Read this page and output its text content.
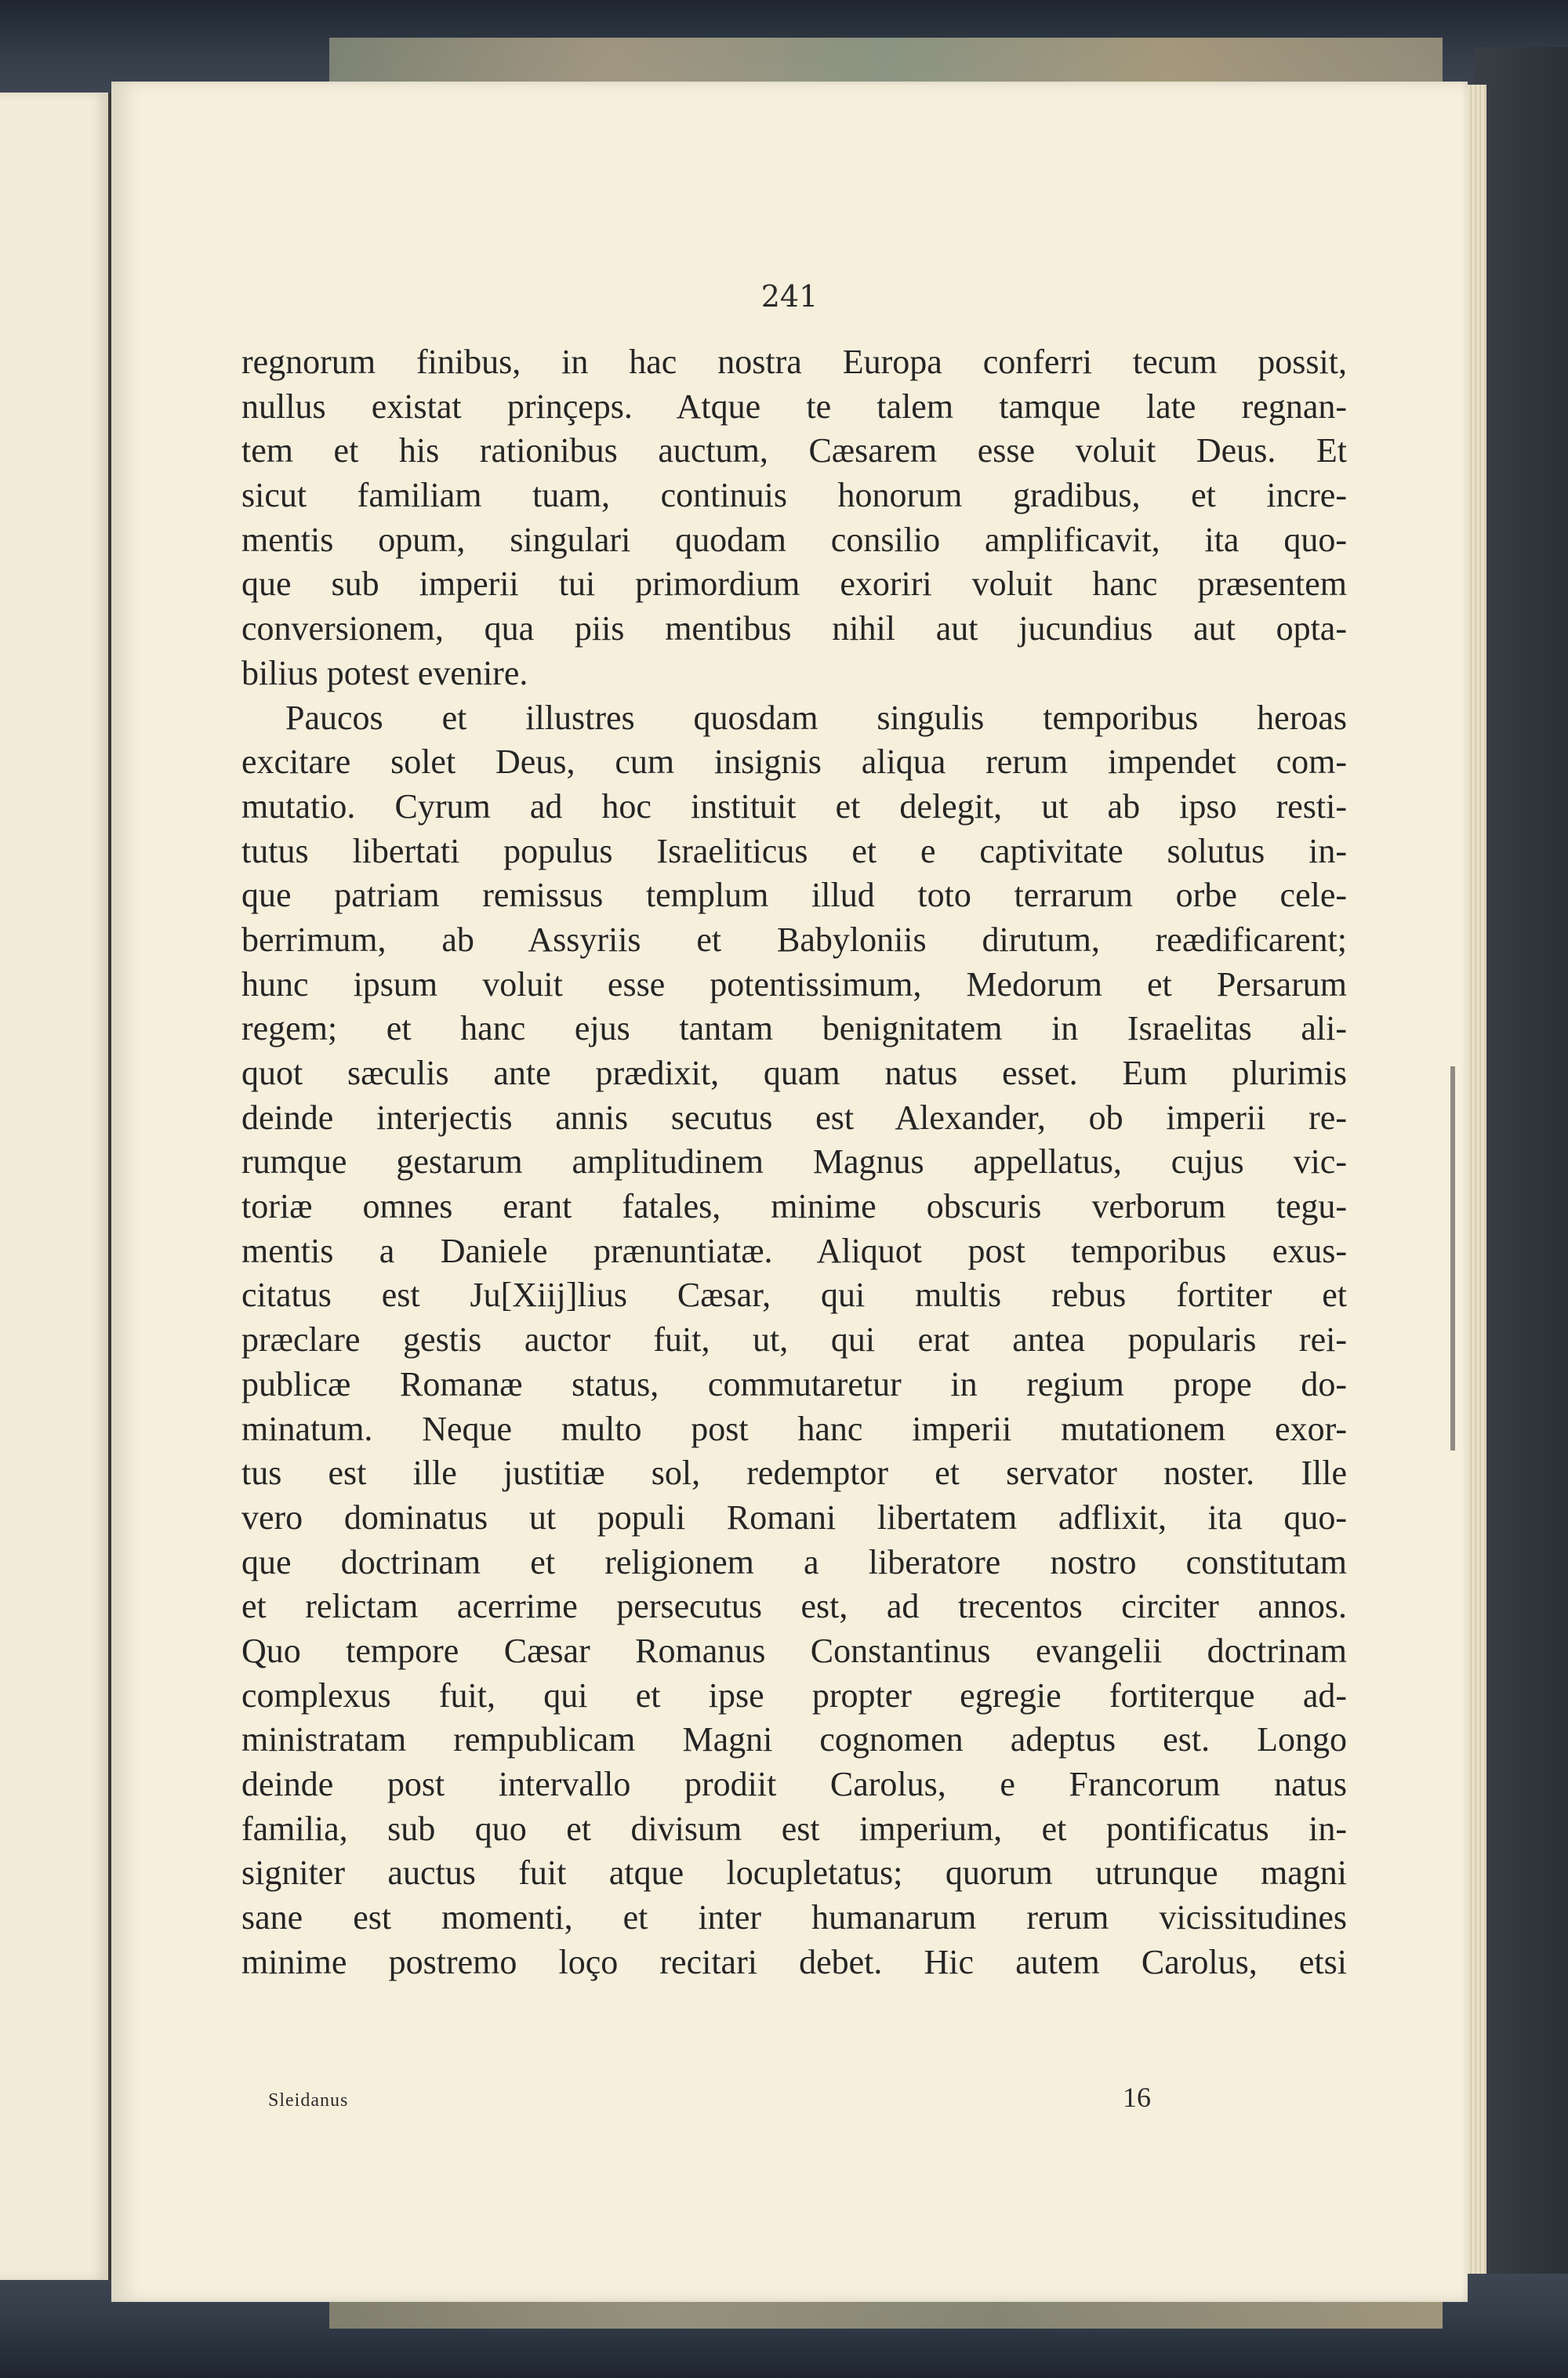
241
regnorum finibus, in hac nostra Europa conferri tecum possit,
nullus existat prinçeps. Atque te talem tamque late regnan-
tem et his rationibus auctum, Cæsarem esse voluit Deus. Et
sicut familiam tuam, continuis honorum gradibus, et incre-
mentis opum, singulari quodam consilio amplificavit, ita quo-
que sub imperii tui primordium exoriri voluit hanc præsentem
conversionem, qua piis mentibus nihil aut jucundius aut opta-
bilius potest evenire.
Paucos et illustres quosdam singulis temporibus heroas
excitare solet Deus, cum insignis aliqua rerum impendet com-
mutatio. Cyrum ad hoc instituit et delegit, ut ab ipso resti-
tutus libertati populus Israeliticus et e captivitate solutus in-
que patriam remissus templum illud toto terrarum orbe cele-
berrimum, ab Assyriis et Babyloniis dirutum, reædificarent;
hunc ipsum voluit esse potentissimum, Medorum et Persarum
regem; et hanc ejus tantam benignitatem in Israelitas ali-
quot sæculis ante prædixit, quam natus esset. Eum plurimis
deinde interjectis annis secutus est Alexander, ob imperii re-
rumque gestarum amplitudinem Magnus appellatus, cujus vic-
toriæ omnes erant fatales, minime obscuris verborum tegu-
mentis a Daniele prænuntiatæ. Aliquot post temporibus exus-
citatus est Ju[Xiij]lius Cæsar, qui multis rebus fortiter et
præclare gestis auctor fuit, ut, qui erat antea popularis rei-
publicæ Romanæ status, commutaretur in regium prope do-
minatum. Neque multo post hanc imperii mutationem exor-
tus est ille justitiæ sol, redemptor et servator noster. Ille
vero dominatus ut populi Romani libertatem adflixit, ita quo-
que doctrinam et religionem a liberatore nostro constitutam
et relictam acerrime persecutus est, ad trecentos circiter annos.
Quo tempore Cæsar Romanus Constantinus evangelii doctrinam
complexus fuit, qui et ipse propter egregie fortiterque ad-
ministratam rempublicam Magni cognomen adeptus est. Longo
deinde post intervallo prodiit Carolus, e Francorum natus
familia, sub quo et divisum est imperium, et pontificatus in-
signiter auctus fuit atque locupletatus; quorum utrunque magni
sane est momenti, et inter humanarum rerum vicissitudines
minime postremo loço recitari debet. Hic autem Carolus, etsi
Sleidanus	16
